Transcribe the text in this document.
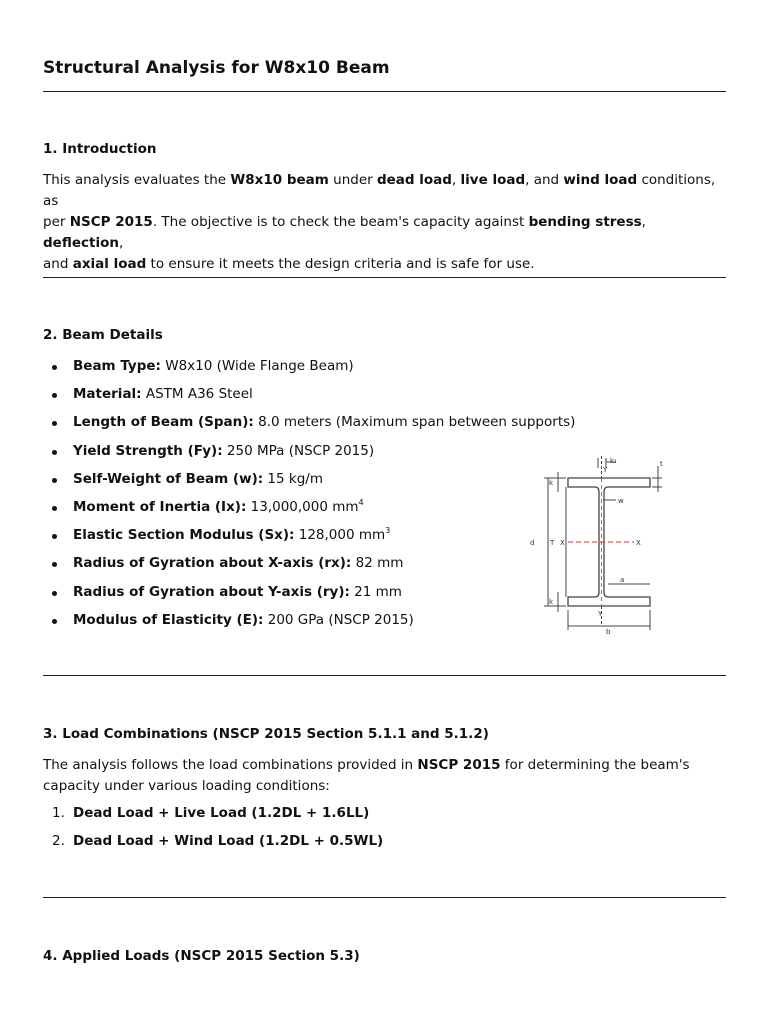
Structural Analysis for W8x10 Beam
1. Introduction
This analysis evaluates the W8x10 beam under dead load, live load, and wind load conditions, as
per NSCP 2015. The objective is to check the beam's capacity against bending stress, deflection,
and axial load to ensure it meets the design criteria and is safe for use.
2. Beam Details
Beam Type: W8x10 (Wide Flange Beam)
Material: ASTM A36 Steel
Length of Beam (Span): 8.0 meters (Maximum span between supports)
Yield Strength (Fy): 250 MPa (NSCP 2015)
Self-Weight of Beam (w): 15 kg/m
Moment of Inertia (Ix): 13,000,000 $mm^4$
Elastic Section Modulus (Sx): 128,000 $mm^3$
Radius of Gyration about X-axis (rx): 82 mm
Radius of Gyration about Y-axis (ry): 21 mm
Modulus of Elasticity (E): 200 GPa (NSCP 2015)
k₁	t
Y
k
w
d T X	X
a
k
Y
b
3. Load Combinations (NSCP 2015 Section 5.1.1 and 5.1.2)
The analysis follows the load combinations provided in NSCP 2015 for determining the beam's
capacity under various loading conditions:
1. Dead Load + Live Load (1.2DL + 1.6LL)
2. Dead Load + Wind Load (1.2DL + 0.5WL)
4. Applied Loads (NSCP 2015 Section 5.3)
